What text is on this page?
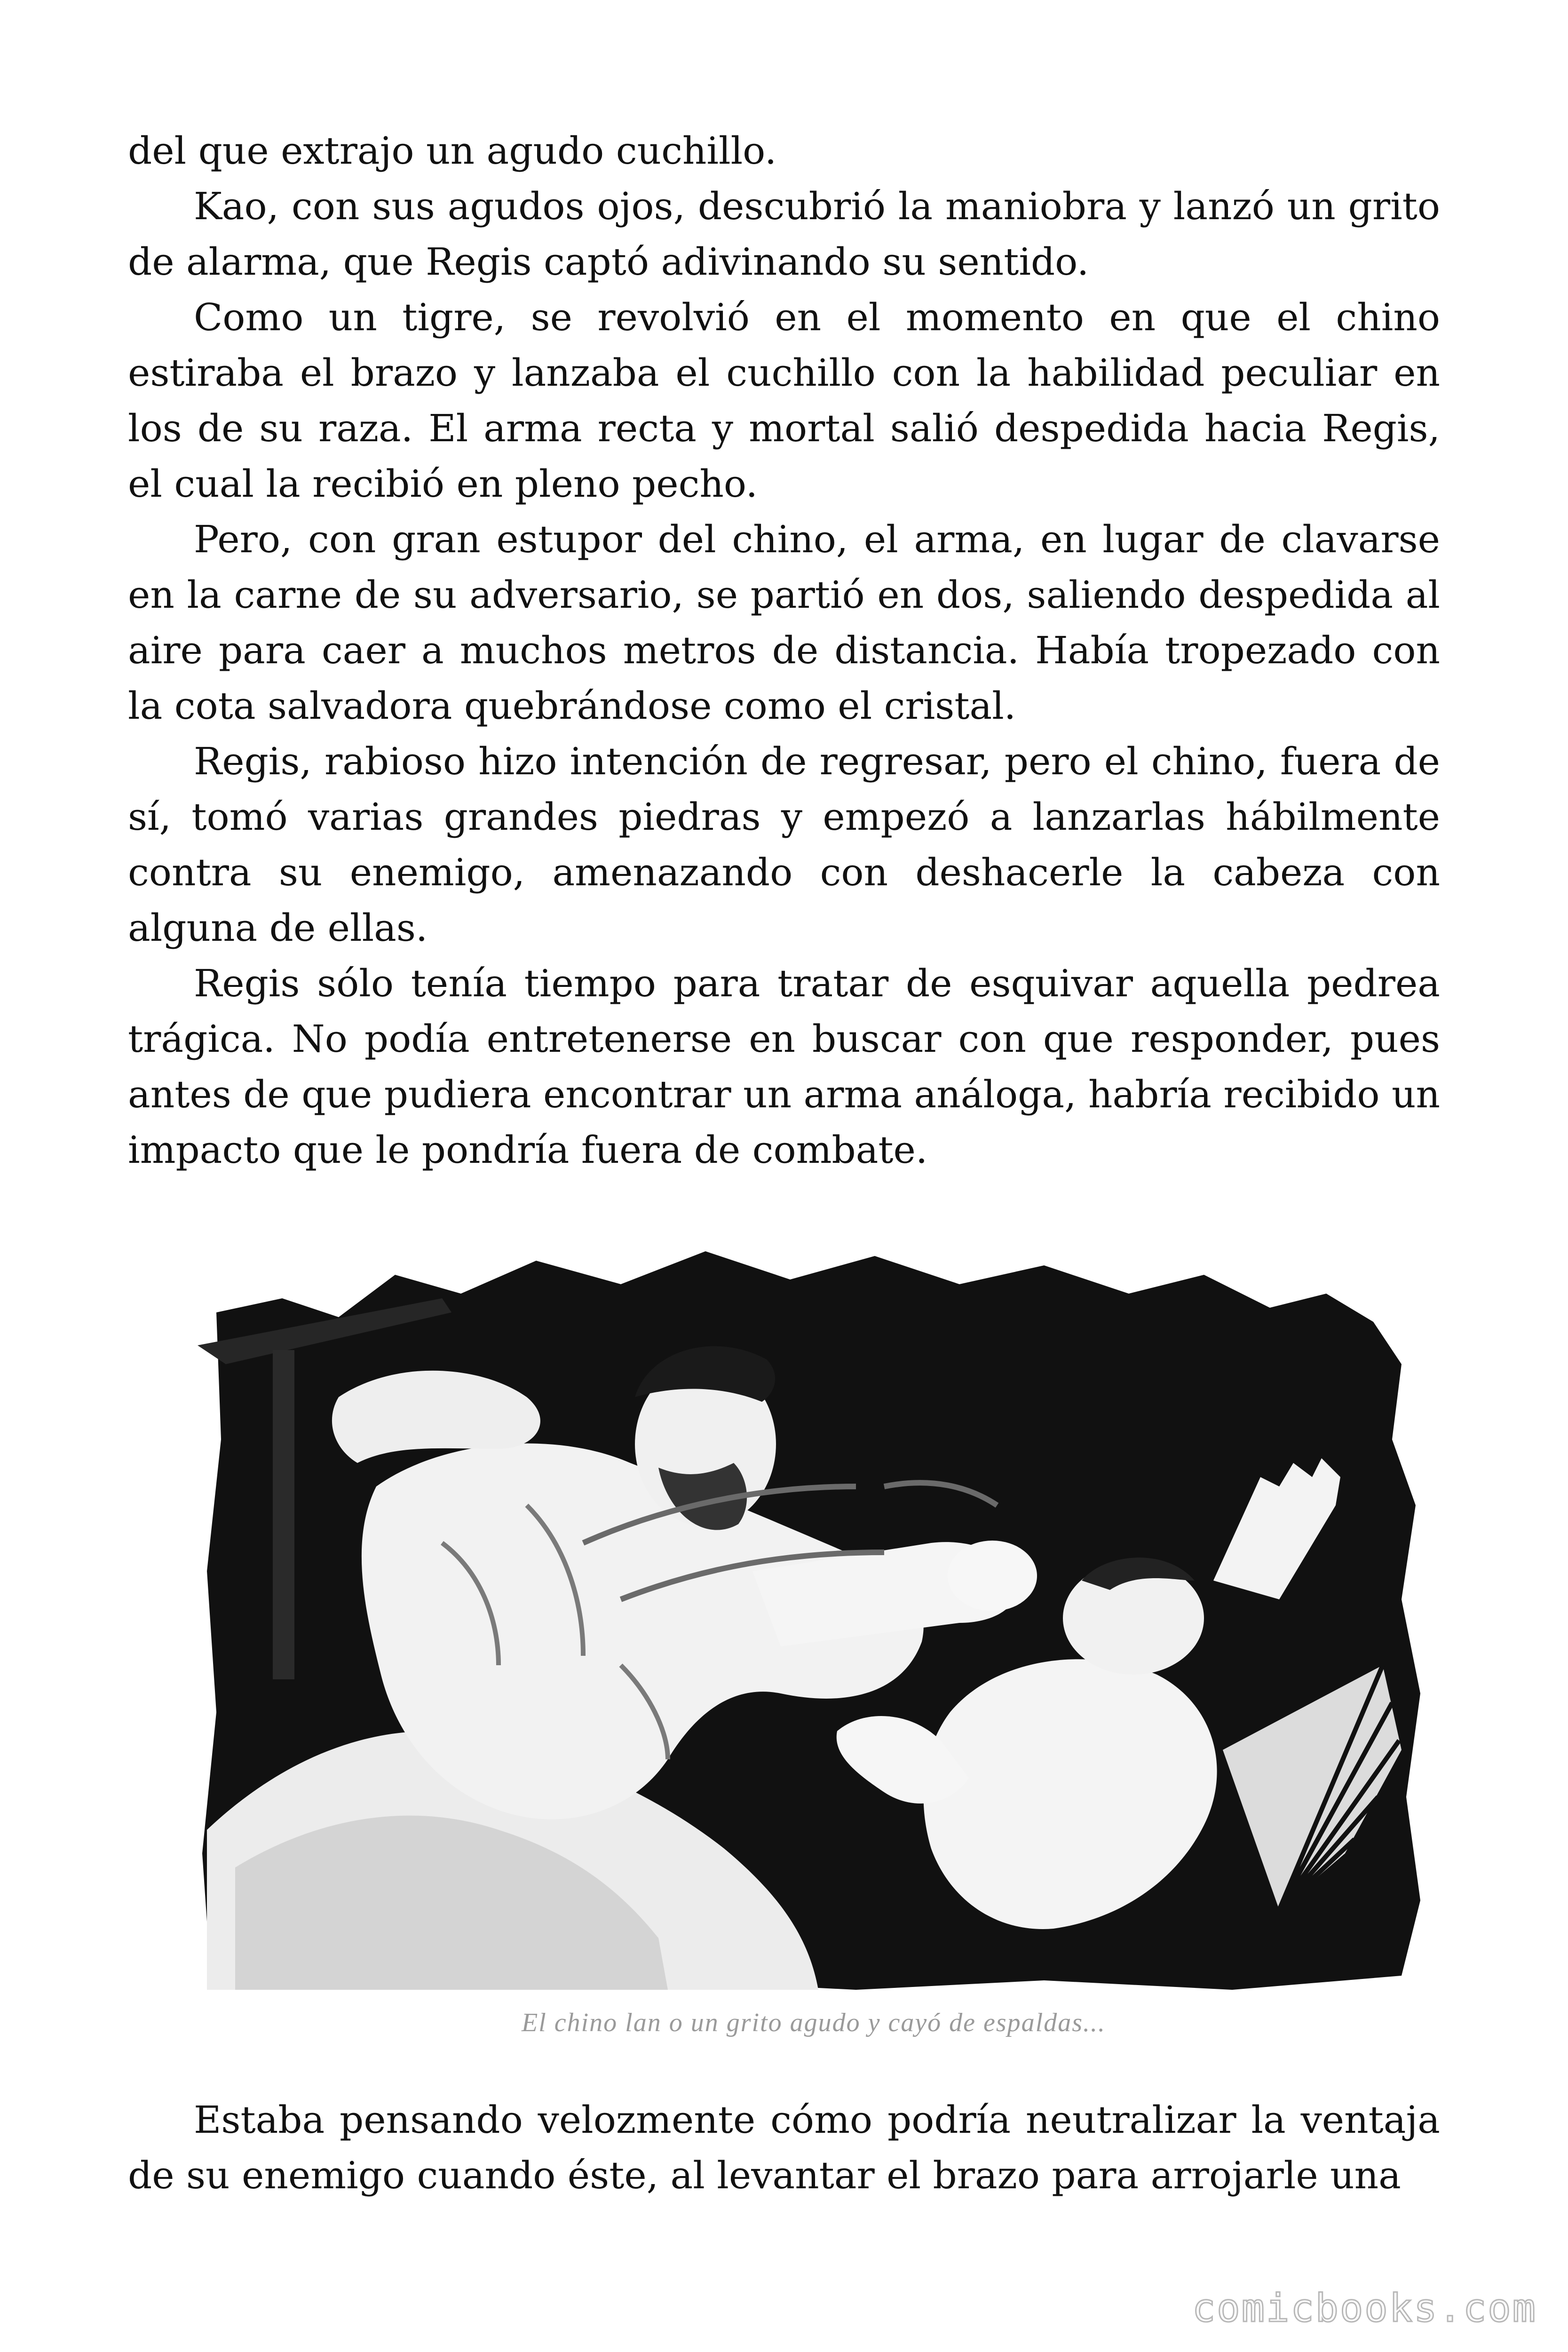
del que extrajo un agudo cuchillo.

Kao, con sus agudos ojos, descubrió la maniobra y lanzó un grito de alarma, que Regis captó adivinando su sentido.

Como un tigre, se revolvió en el momento en que el chino estiraba el brazo y lanzaba el cuchillo con la habilidad peculiar en los de su raza. El arma recta y mortal salió despedida hacia Regis, el cual la recibió en pleno pecho.

Pero, con gran estupor del chino, el arma, en lugar de clavarse en la carne de su adversario, se partió en dos, saliendo despedida al aire para caer a muchos metros de distancia. Había tropezado con la cota salvadora quebrándose como el cristal.

Regis, rabioso hizo intención de regresar, pero el chino, fuera de sí, tomó varias grandes piedras y empezó a lanzarlas hábilmente contra su enemigo, amenazando con deshacerle la cabeza con alguna de ellas.

Regis sólo tenía tiempo para tratar de esquivar aquella pedrea trágica. No podía entretenerse en buscar con que responder, pues antes de que pudiera encontrar un arma análoga, habría recibido un impacto que le pondría fuera de combate.

El chino lan o un grito agudo y cayó de espaldas...

Estaba pensando velozmente cómo podría neutralizar la ventaja de su enemigo cuando éste, al levantar el brazo para arrojarle una

comicbooks.com
